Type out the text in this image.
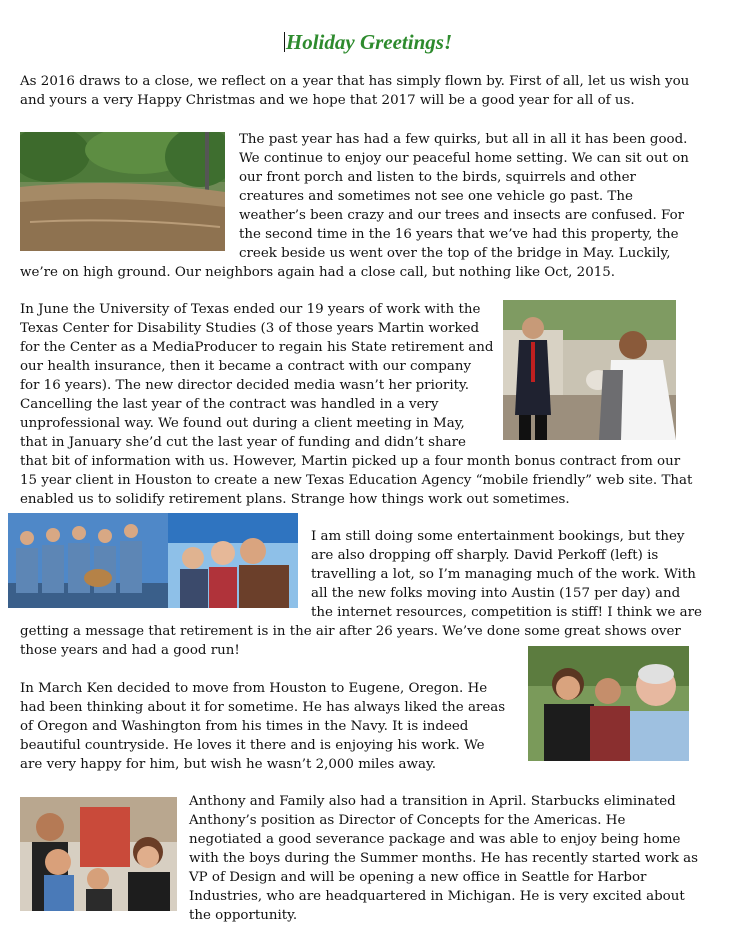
Holiday Greetings!
As 2016 draws to a close, we reflect on a year that has simply flown by. First of all, let us wish you
and yours a very Happy Christmas and we hope that 2017 will be a good year for all of us.
The past year has had a few quirks, but all in all it has been good.
We continue to enjoy our peaceful home setting. We can sit out on
our front porch and listen to the birds, squirrels and other
creatures and sometimes not see one vehicle go past. The
weather’s been crazy and our trees and insects are confused. For
the second time in the 16 years that we’ve had this property, the
creek beside us went over the top of the bridge in May. Luckily,
we’re on high ground. Our neighbors again had a close call, but nothing like Oct, 2015.
In June the University of Texas ended our 19 years of work with the
Texas Center for Disability Studies (3 of those years Martin worked
for the Center as a MediaProducer to regain his State retirement and
our health insurance, then it became a contract with our company
for 16 years). The new director decided media wasn’t her priority.
Cancelling the last year of the contract was handled in a very
unprofessional way. We found out during a client meeting in May,
that in January she’d cut the last year of funding and didn’t share
that bit of information with us. However, Martin picked up a four month bonus contract from our
15 year client in Houston to create a new Texas Education Agency “mobile friendly” web site. That
enabled us to solidify retirement plans. Strange how things work out sometimes.
I am still doing some entertainment bookings, but they
are also dropping off sharply. David Perkoff (left) is
travelling a lot, so I’m managing much of the work. With
all the new folks moving into Austin (157 per day) and
the internet resources, competition is stiff! I think we are
getting a message that retirement is in the air after 26 years. We’ve done some great shows over
those years and had a good run!
In March Ken decided to move from Houston to Eugene, Oregon. He
had been thinking about it for sometime. He has always liked the areas
of Oregon and Washington from his times in the Navy. It is indeed
beautiful countryside. He loves it there and is enjoying his work. We
are very happy for him, but wish he wasn’t 2,000 miles away.
Anthony and Family also had a transition in April. Starbucks eliminated
Anthony’s position as Director of Concepts for the Americas. He
negotiated a good severance package and was able to enjoy being home
with the boys during the Summer months. He has recently started work as
VP of Design and will be opening a new office in Seattle for Harbor
Industries, who are headquartered in Michigan. He is very excited about
the opportunity.
